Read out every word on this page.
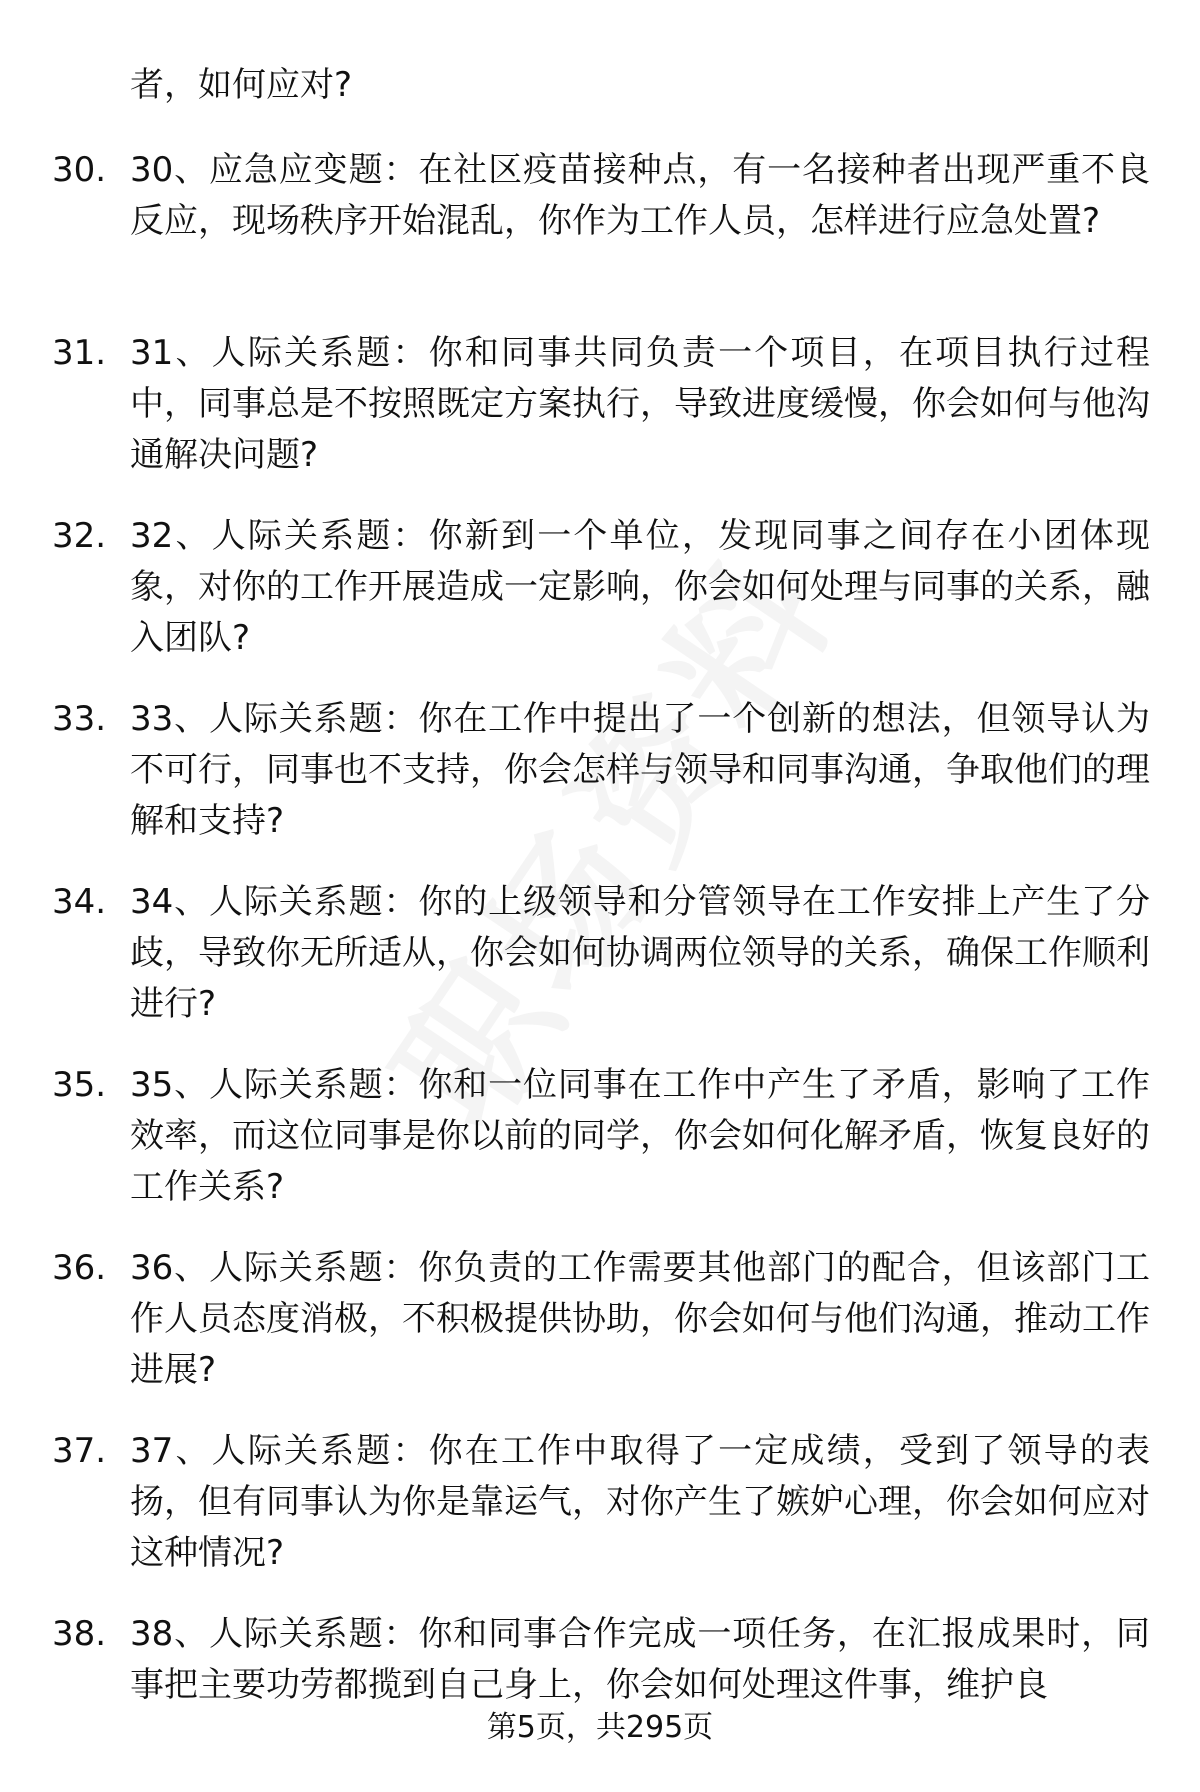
者，如何应对?
30. 30、应急应变题：在社区疫苗接种点，有一名接种者出现严重不良反应，现场秩序开始混乱，你作为工作人员，怎样进行应急处置?
31. 31、人际关系题：你和同事共同负责一个项目，在项目执行过程中，同事总是不按照既定方案执行，导致进度缓慢，你会如何与他沟通解决问题?
32. 32、人际关系题：你新到一个单位，发现同事之间存在小团体现象，对你的工作开展造成一定影响，你会如何处理与同事的关系，融入团队?
33. 33、人际关系题：你在工作中提出了一个创新的想法，但领导认为不可行，同事也不支持，你会怎样与领导和同事沟通，争取他们的理解和支持?
34. 34、人际关系题：你的上级领导和分管领导在工作安排上产生了分歧，导致你无所适从，你会如何协调两位领导的关系，确保工作顺利进行?
35. 35、人际关系题：你和一位同事在工作中产生了矛盾，影响了工作效率，而这位同事是你以前的同学，你会如何化解矛盾，恢复良好的工作关系?
36. 36、人际关系题：你负责的工作需要其他部门的配合，但该部门工作人员态度消极，不积极提供协助，你会如何与他们沟通，推动工作进展?
37. 37、人际关系题：你在工作中取得了一定成绩，受到了领导的表扬，但有同事认为你是靠运气，对你产生了嫉妒心理，你会如何应对这种情况?
38. 38、人际关系题：你和同事合作完成一项任务，在汇报成果时，同事把主要功劳都揽到自己身上，你会如何处理这件事，维护良
第5页，共295页
